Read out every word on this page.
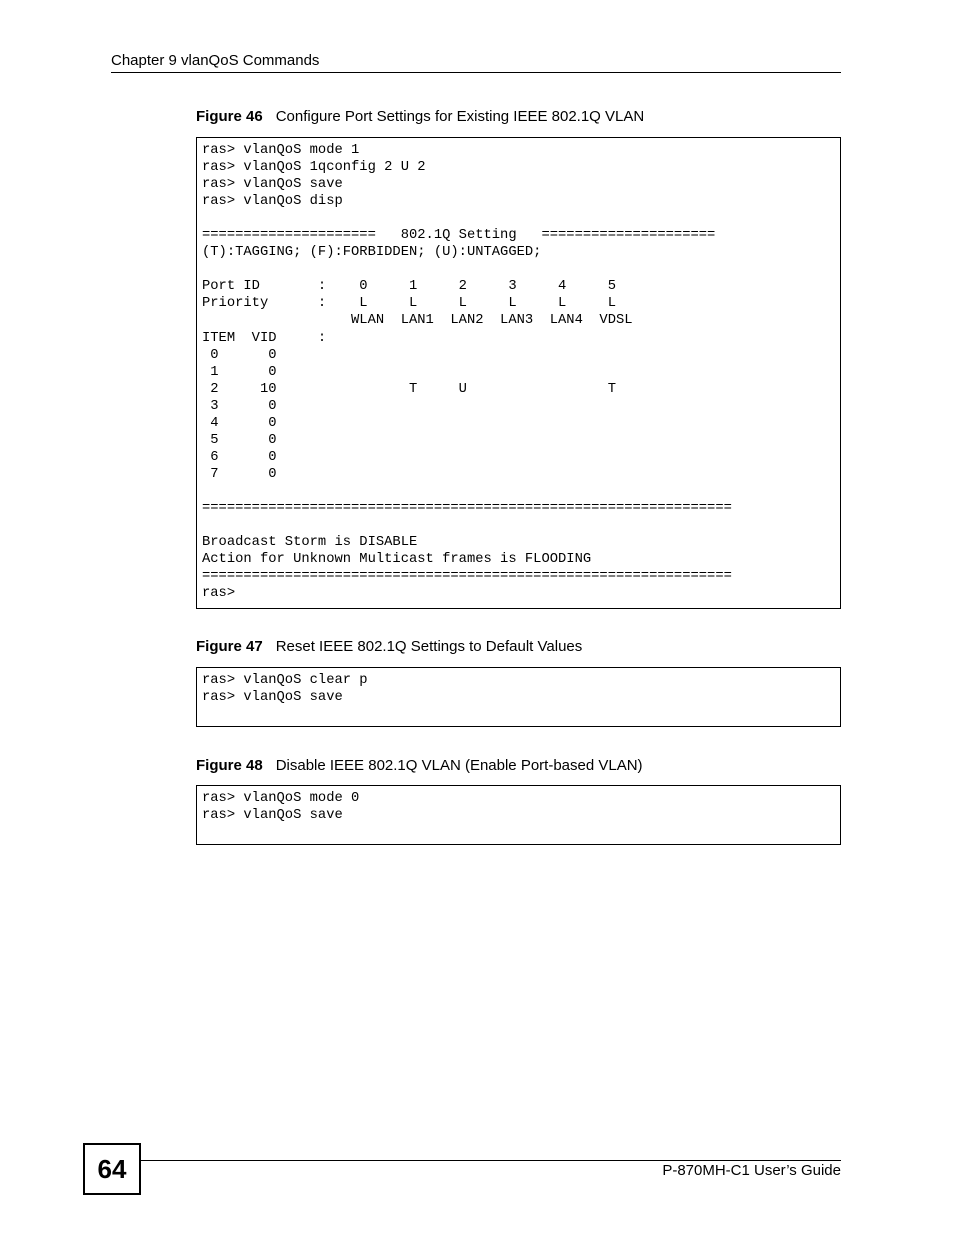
Chapter 9 vlanQoS Commands
Figure 46 Configure Port Settings for Existing IEEE 802.1Q VLAN
ras> vlanQoS mode 1
ras> vlanQoS 1qconfig 2 U 2
ras> vlanQoS save
ras> vlanQoS disp
=====================   802.1Q Setting   =====================
(T):TAGGING; (F):FORBIDDEN; (U):UNTAGGED;
Port ID       :    0     1     2     3     4     5
Priority      :    L     L     L     L     L     L
WLAN  LAN1  LAN2  LAN3  LAN4  VDSL
ITEM  VID     :
0      0
1      0
2     10                T     U                 T
3      0
4      0
5      0
6      0
7      0
================================================================
Broadcast Storm is DISABLE
Action for Unknown Multicast frames is FLOODING
================================================================
ras>
Figure 47 Reset IEEE 802.1Q Settings to Default Values
ras> vlanQoS clear p
ras> vlanQoS save
Figure 48 Disable IEEE 802.1Q VLAN (Enable Port-based VLAN)
ras> vlanQoS mode 0
ras> vlanQoS save
64	P-870MH-C1 User’s Guide
